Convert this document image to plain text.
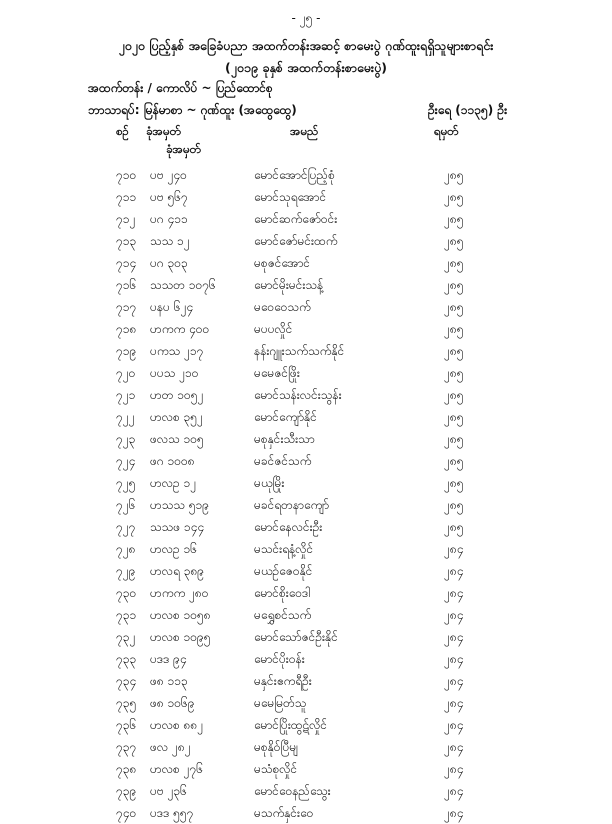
- ၂၅ -
၂၀၂၀ ပြည့်နှစ် အခြေခံပညာ အထက်တန်းအဆင့် စာမေးပွဲ ဂုဏ်ထူးရရှိသူများစာရင်း
(၂၀၁၉ ခုနှစ် အထက်တန်းစာမေးပွဲ)
အထက်တန်း / ကောလိပ် ~ ပြည်ထောင်စု
ဘာသာရပ်: မြန်မာစာ ~ ဂုဏ်ထူး (အထွေထွေ)	ဦးရေ (၁၁၃၅) ဦး
စဉ် ခုံအမှတ်
ခုံအမှတ်
အမည်	ရမှတ်
၇၁၀ ပဗ ၂၄၀	မောင်အောင်ပြည့်စုံ	၂၈၅
၇၁၁ ပဗ ၅၆၇	မောင်သုရအောင်	၂၈၅
၇၁၂ ပဂ ၄၁၁	မောင်ဆက်ဇော်ဝင်း	၂၈၅
၇၁၃ သသ ၁၂	မောင်ဇော်မင်းထက်	၂၈၅
၇၁၄ ပဂ ၃၀၃	မစုဇင်အောင်	၂၈၅
၇၁၆ သသတ ၁၀၇၆	မောင်မိုးမင်းသန့်	၂၈၅
၇၁၇ ပနပ ၆၂၄	မဝေဝေသက်	၂၈၅
၇၁၈ ဟကက ၄၀၀	မပပလှိုင်	၂၈၅
၇၁၉ ပကသ ၂၁၇	နန်းဂျူးသက်သက်နိုင်	၂၈၅
၇၂၀ ပပသ ၂၁၀	မမေဇင်ဖြိုး	၂၈၅
၇၂၁ ဟတ ၁၀၅၂	မောင်သန်းလင်းသွန်း	၂၈၅
၇၂၂ ဟလစ ၃၅၂	မောင်ကျော်နိုင်	၂၈၅
၇၂၃ ဖလသ ၁၀၅	မစုနှင်းသီးသာ	၂၈၅
၇၂၄ ဖဂ ၁၀၀၈	မခင်ဇင်သက်	၂၈၅
၇၂၅ ဟလဥ ၁၂	မယုမြိုး	၂၈၅
၇၂၆ ဟသသ ၅၁၉	မခင်ရတနာကျော်	၂၈၅
၇၂၇ သသဖ ၁၄၄	မောင်နေလင်းဦး	၂၈၅
၇၂၈ ဟလဥ ၁၆	မသင်းရနံ့လှိုင်	၂၈၄
၇၂၉ ဟလရ ၃၈၉	မယဉ်ဇေ၀နိုင်	၂၈၄
၇၃၀ ဟကက ၂၈၀	မောင်စိုးဝေဒါ	၂၈၄
၇၃၁ ဟလစ ၁၀၅၈	မရွှေစင်သက်	၂၈၄
၇၃၂ ဟလစ ၁၀၉၅	မောင်သော်ဇင်ဦးနိုင်	၂၈၄
၇၃၃ ပဒဒ ၉၄	မောင်ပိုးဝန်း	၂၈၄
၇၃၄ ဖ၈ ၁၁၃	မနှင်းဧကရီဦး	၂၈၄
၇၃၅ ဖ၈ ၁၀၆၉	မမေမြတ်သူ	၂၈၄
၇၃၆ ဟလစ ၈၈၂	မောင်ပြိုးထွဋ်လှိုင်	၂၈၄
၇၃၇ ဖလ ၂၈၂	မစုနိုဝ်ပြီမျ	၂၈၄
၇၃၈ ဟလစ ၂၇၆	မသံစုလှိုင်	၂၈၄
၇၃၉ ပဗ ၂၃၆	မောင်ဝေနည်သွေး	၂၈၄
၇၄၀ ပဒဒ ၅၅၇	မသက်နှင်းဝေ	၂၈၄
